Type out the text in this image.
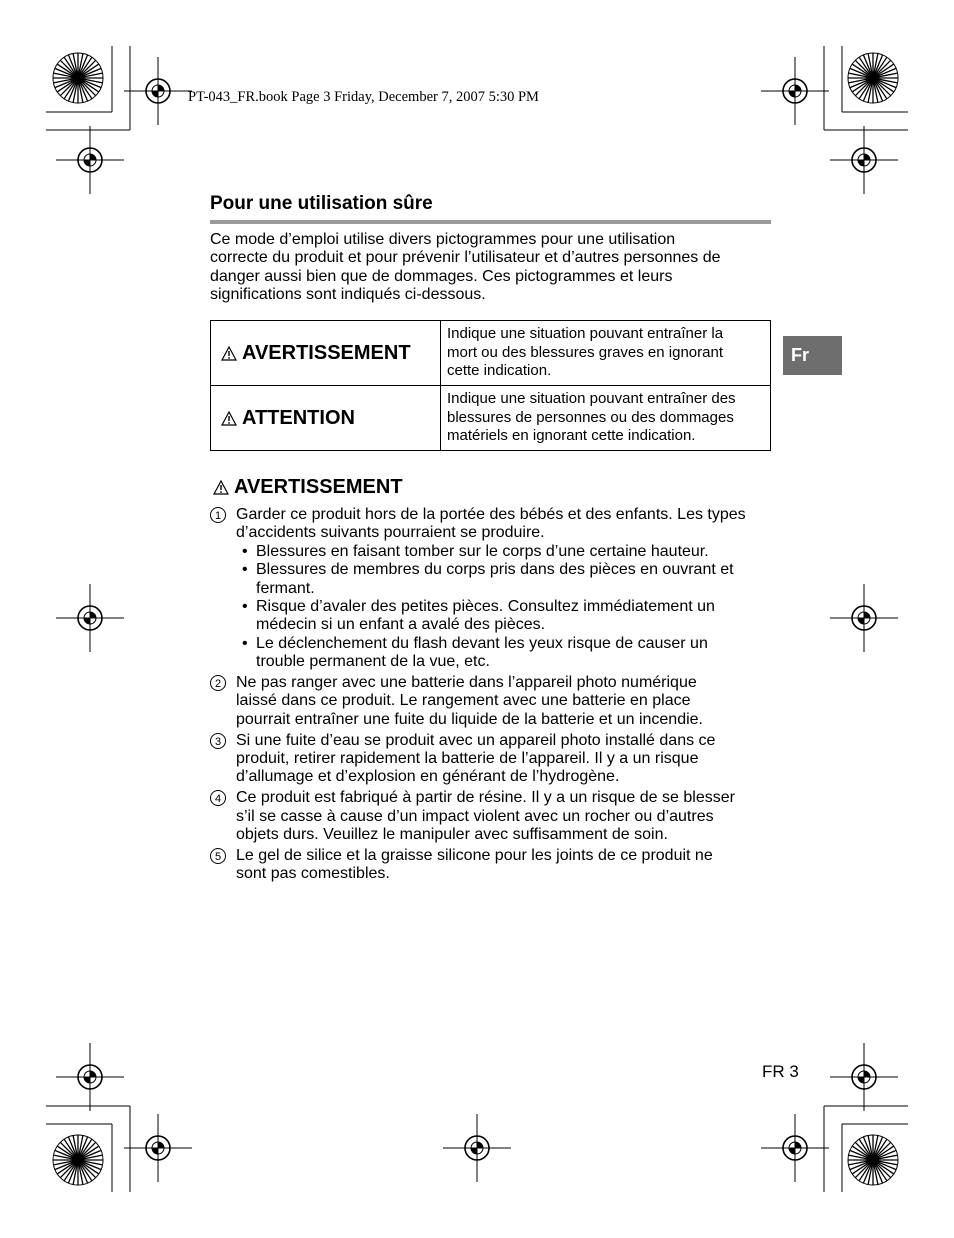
PT-043_FR.book Page 3 Friday, December 7, 2007 5:30 PM
Pour une utilisation sûre
Ce mode d’emploi utilise divers pictogrammes pour une utilisation
correcte du produit et pour prévenir l’utilisateur et d’autres personnes de
danger aussi bien que de dommages. Ces pictogrammes et leurs
significations sont indiqués ci-dessous.
AVERTISSEMENT	Indique une situation pouvant entraîner la
mort ou des blessures graves en ignorant
cette indication.

ATTENTION	Indique une situation pouvant entraîner des
blessures de personnes ou des dommages
matériels en ignorant cette indication.
AVERTISSEMENT
1 Garder ce produit hors de la portée des bébés et des enfants. Les types
d’accidents suivants pourraient se produire.
• Blessures en faisant tomber sur le corps d’une certaine hauteur.
• Blessures de membres du corps pris dans des pièces en ouvrant et
fermant.
• Risque d’avaler des petites pièces. Consultez immédiatement un
médecin si un enfant a avalé des pièces.
• Le déclenchement du flash devant les yeux risque de causer un
trouble permanent de la vue, etc.
2 Ne pas ranger avec une batterie dans l’appareil photo numérique
laissé dans ce produit. Le rangement avec une batterie en place
pourrait entraîner une fuite du liquide de la batterie et un incendie.
3 Si une fuite d’eau se produit avec un appareil photo installé dans ce
produit, retirer rapidement la batterie de l’appareil. Il y a un risque
d’allumage et d’explosion en générant de l’hydrogène.
4 Ce produit est fabriqué à partir de résine. Il y a un risque de se blesser
s’il se casse à cause d’un impact violent avec un rocher ou d’autres
objets durs. Veuillez le manipuler avec suffisamment de soin.
5 Le gel de silice et la graisse silicone pour les joints de ce produit ne
sont pas comestibles.
Fr
FR 3
